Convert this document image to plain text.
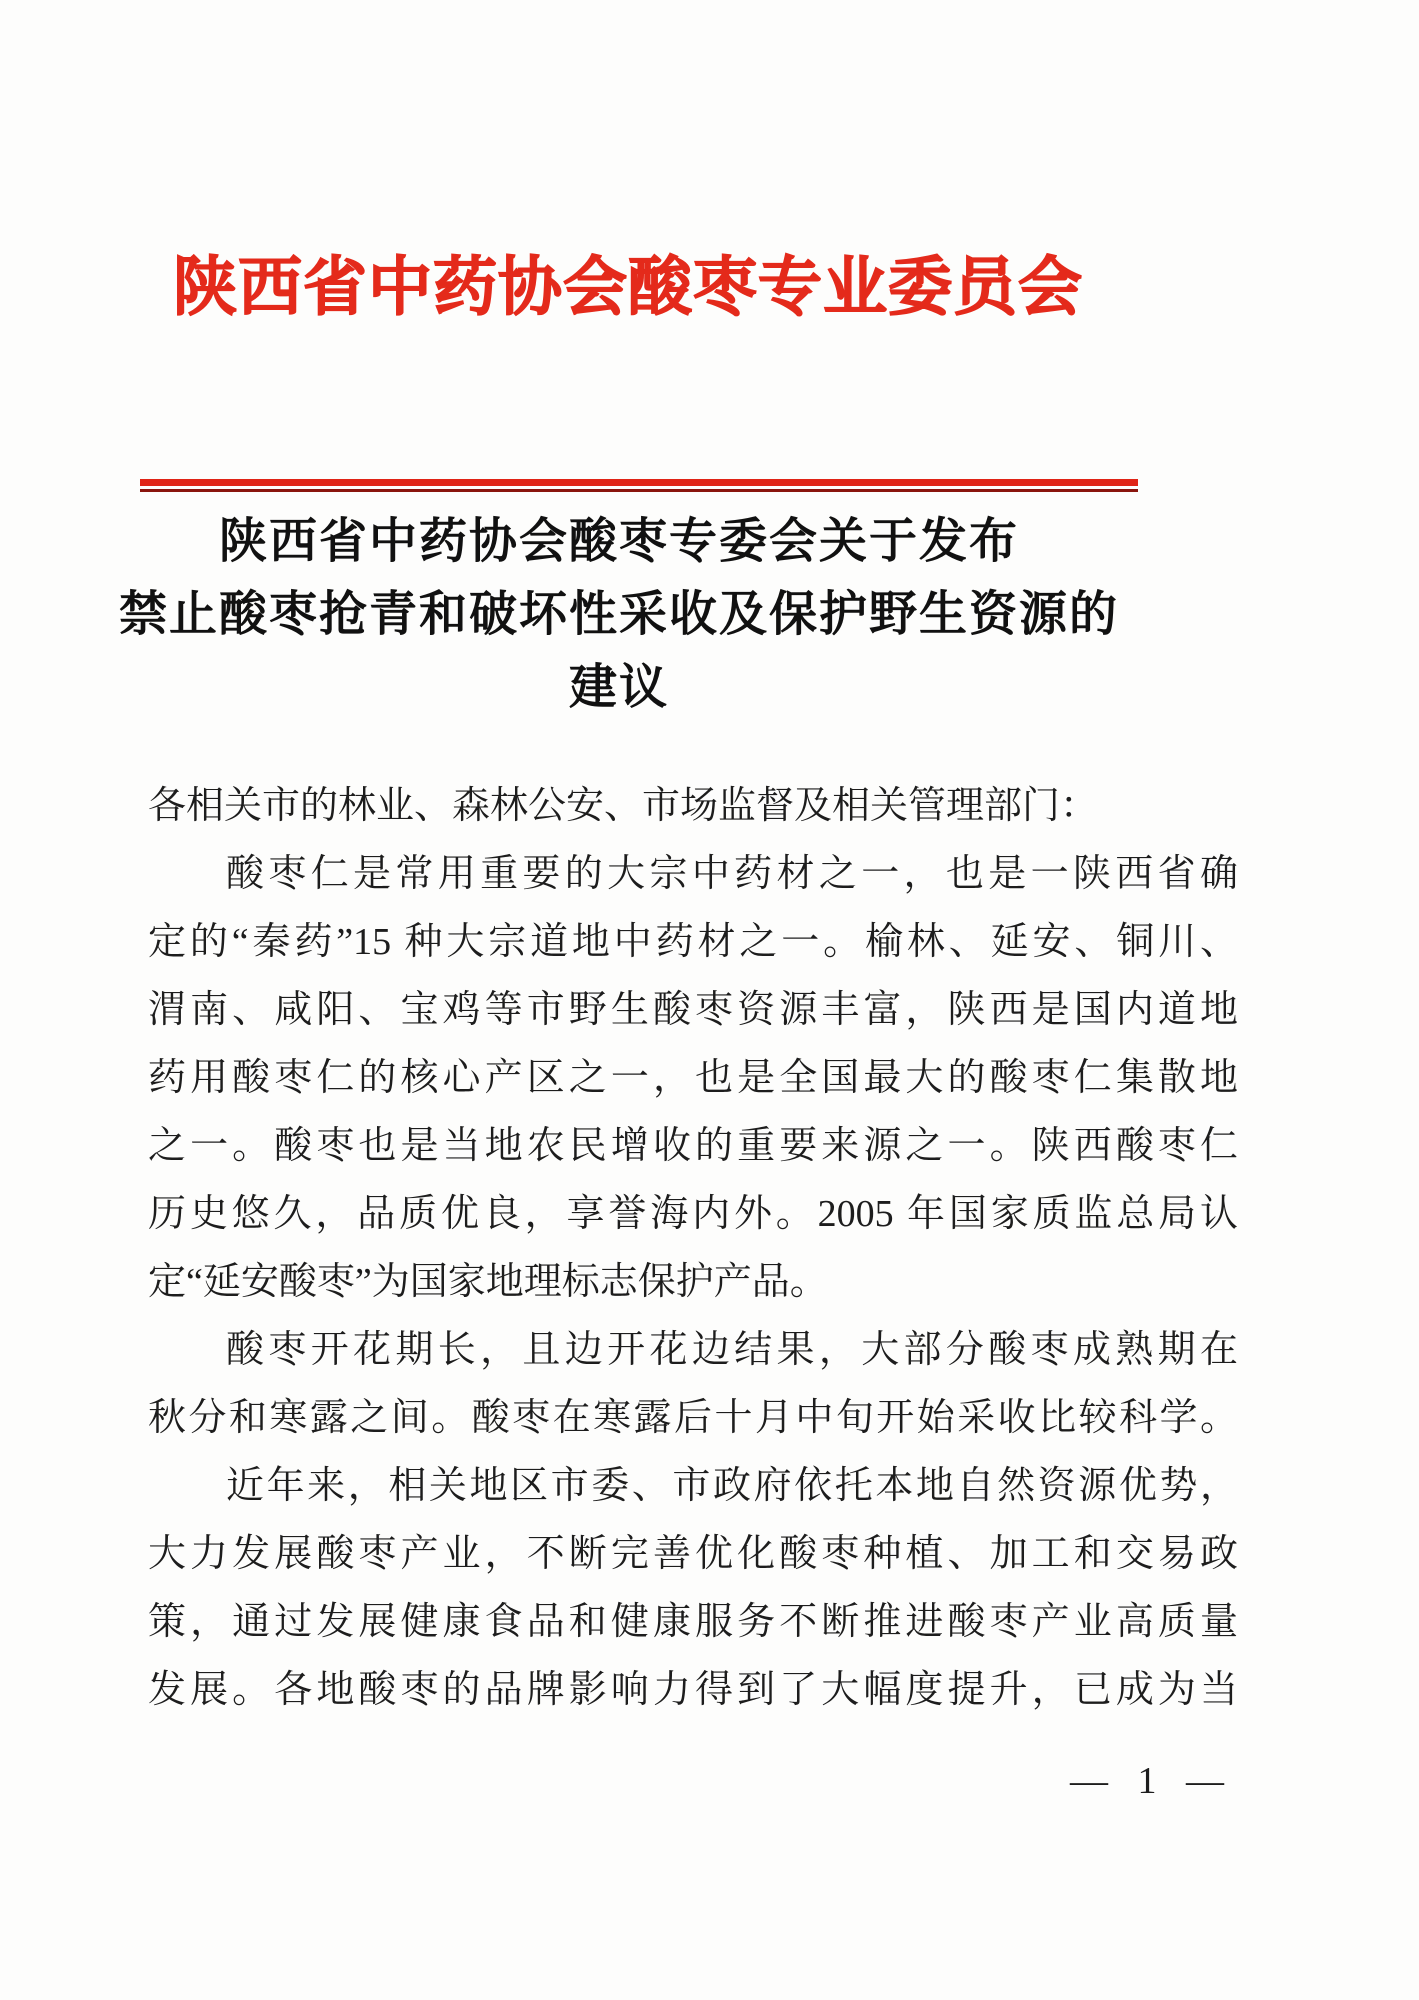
陕西省中药协会酸枣专业委员会
陕西省中药协会酸枣专委会关于发布
禁止酸枣抢青和破坏性采收及保护野生资源的
建议
各相关市的林业、森林公安、市场监督及相关管理部门：
酸枣仁是常用重要的大宗中药材之一，也是一陕西省确
定的“秦药”15 种大宗道地中药材之一。榆林、延安、铜川、
渭南、咸阳、宝鸡等市野生酸枣资源丰富，陕西是国内道地
药用酸枣仁的核心产区之一，也是全国最大的酸枣仁集散地
之一。酸枣也是当地农民增收的重要来源之一。陕西酸枣仁
历史悠久，品质优良，享誉海内外。2005 年国家质监总局认
定“延安酸枣”为国家地理标志保护产品。
酸枣开花期长，且边开花边结果，大部分酸枣成熟期在
秋分和寒露之间。酸枣在寒露后十月中旬开始采收比较科学。
近年来，相关地区市委、市政府依托本地自然资源优势，
大力发展酸枣产业，不断完善优化酸枣种植、加工和交易政
策，通过发展健康食品和健康服务不断推进酸枣产业高质量
发展。各地酸枣的品牌影响力得到了大幅度提升，已成为当
— 1 —
